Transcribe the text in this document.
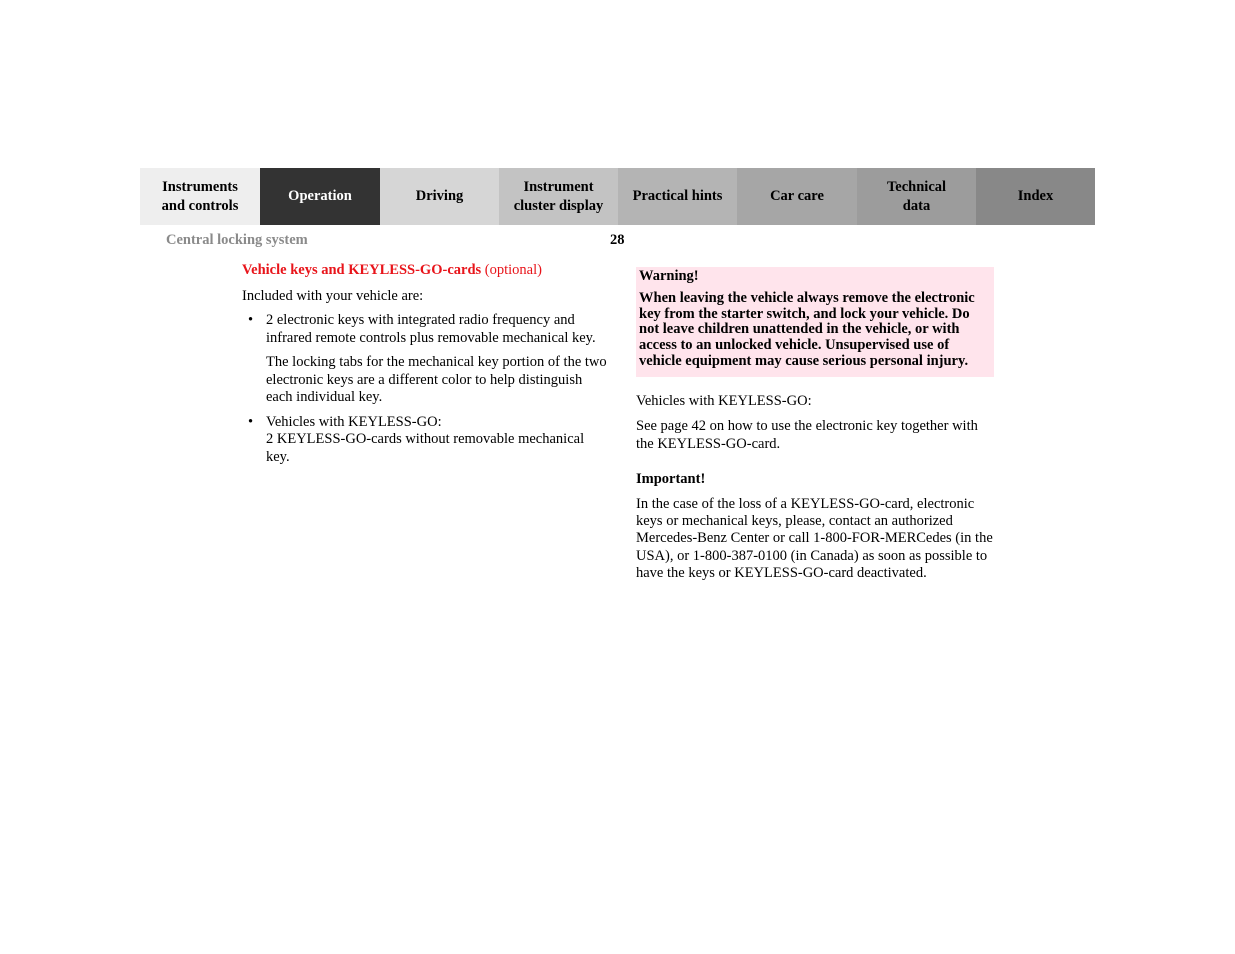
Instruments
and controls
Operation	Driving
Instrument
cluster display
Practical hints	Car care
Technical
data
Index
Central locking system	28

Vehicle keys and KEYLESS-GO-cards (optional)

Included with your vehicle are:

• 2 electronic keys with integrated radio frequency and infrared remote controls plus removable mechanical key.

The locking tabs for the mechanical key portion of the two electronic keys are a different color to help distinguish each individual key.

• Vehicles with KEYLESS-GO:
2 KEYLESS-GO-cards without removable mechanical key.

Warning!

When leaving the vehicle always remove the electronic key from the starter switch, and lock your vehicle. Do not leave children unattended in the vehicle, or with access to an unlocked vehicle. Unsupervised use of vehicle equipment may cause serious personal injury.

Vehicles with KEYLESS-GO:

See page 42 on how to use the electronic key together with the KEYLESS-GO-card.

Important!

In the case of the loss of a KEYLESS-GO-card, electronic keys or mechanical keys, please, contact an authorized Mercedes-Benz Center or call 1-800-FOR-MERCedes (in the USA), or 1-800-387-0100 (in Canada) as soon as possible to have the keys or KEYLESS-GO-card deactivated.
